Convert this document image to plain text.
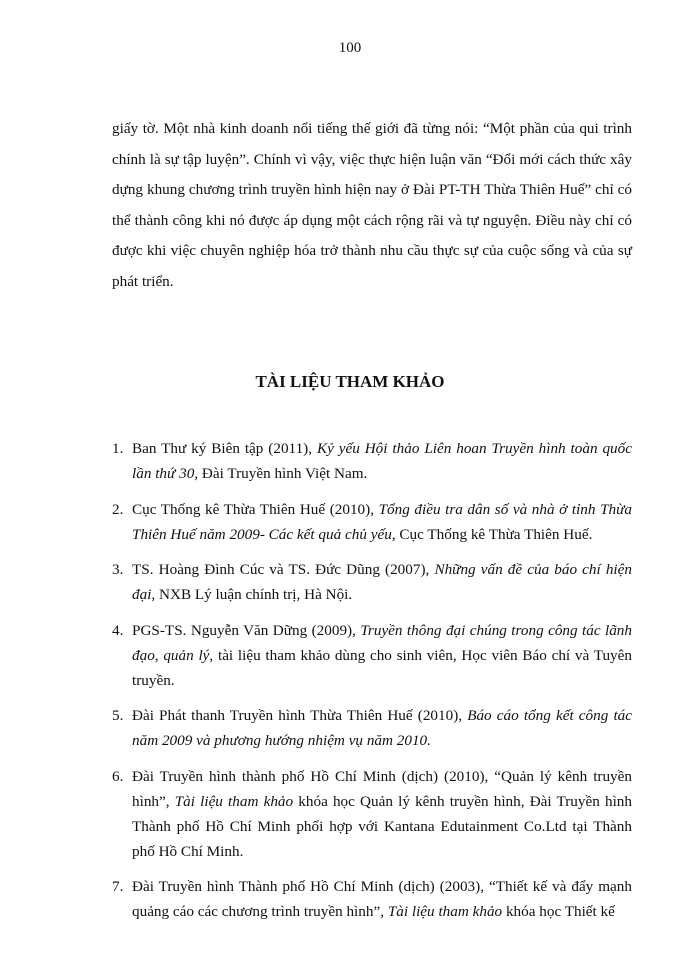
100

giấy tờ. Một nhà kinh doanh nổi tiếng thế giới đã từng nói: “Một phần của qui trình chính là sự tập luyện”. Chính vì vậy, việc thực hiện luận văn “Đổi mới cách thức xây dựng khung chương trình truyền hình hiện nay ở Đài PT-TH Thừa Thiên Huế” chỉ có thể thành công khi nó được áp dụng một cách rộng rãi và tự nguyện. Điều này chỉ có được khi việc chuyên nghiệp hóa trở thành nhu cầu thực sự của cuộc sống và của sự phát triển.

TÀI LIỆU THAM KHẢO
1. Ban Thư ký Biên tập (2011), Kỷ yếu Hội thảo Liên hoan Truyền hình toàn quốc lần thứ 30, Đài Truyền hình Việt Nam.
2. Cục Thống kê Thừa Thiên Huế (2010), Tổng điều tra dân số và nhà ở tỉnh Thừa Thiên Huế năm 2009- Các kết quả chủ yếu, Cục Thống kê Thừa Thiên Huế.
3. TS. Hoàng Đình Cúc và TS. Đức Dũng (2007), Những vấn đề của báo chí hiện đại, NXB Lý luận chính trị, Hà Nội.
4. PGS-TS. Nguyễn Văn Dững (2009), Truyền thông đại chúng trong công tác lãnh đạo, quản lý, tài liệu tham khảo dùng cho sinh viên, Học viên Báo chí và Tuyên truyền.
5. Đài Phát thanh Truyền hình Thừa Thiên Huế (2010), Báo cáo tổng kết công tác năm 2009 và phương hướng nhiệm vụ năm 2010.
6. Đài Truyền hình thành phố Hồ Chí Minh (dịch) (2010), “Quản lý kênh truyền hình”, Tài liệu tham khảo khóa học Quản lý kênh truyền hình, Đài Truyền hình Thành phố Hồ Chí Minh phối hợp với Kantana Edutainment Co.Ltd tại Thành phố Hồ Chí Minh.
7. Đài Truyền hình Thành phố Hồ Chí Minh (dịch) (2003), “Thiết kế và đẩy mạnh quảng cáo các chương trình truyền hình”, Tài liệu tham khảo khóa học Thiết kế
